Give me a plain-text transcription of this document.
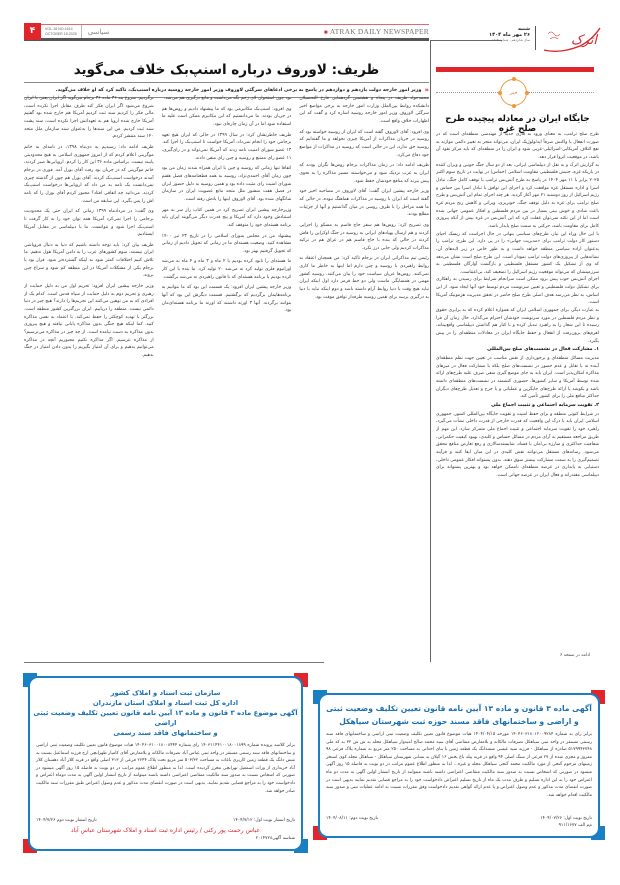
۴	VOL.16 NO.1614
OCTOBER 18.2025	سیاسی	■ ATRAK DAILY NEWSPAPER
اترک
شنبه
۲۶ مهر ماه ۱۴۰۴
سال شانزدهم - شماره ۱۶۱۴
ظریف: لاوروف درباره اسنپ‌بک خلاف می‌گوید
«
وزیر امور خارجه دولت یازدهم و دوازدهم در پاسخ به برخی ادعاهای سرگئی لاوروف وزیر امور خارجه روسیه درباره اسنپ‌بک، تاکید کرد که او خلاف می‌گوید.

محمدجواد ظریف در پنجاه و هشتمین گردهمایی فارغ التحصیلان دانشکده روابط بین‌الملل وزارت امور خارجه به برخی مواضع اخیر سرگئی لاوروف وزیر امور خارجه روسیه اشاره کرد و گفت که این اظهارات خلاف واقع است.

وی افزود: آقای لاوروف گفته است که ایران از روسیه خواسته بود که روسیه در جریان مذاکرات از آمریکا چیزی نخواهد و ما گفته‌ایم که روسیه حق ندارد، این در حالی است که روسیه در مذاکرات از مواضع خود دفاع می‌کرد.

ظریف ادامه داد: در زمان مذاکرات برجام روس‌ها نگران بودند که ایران به غرب نزدیک شود و می‌خواستند مسیر مذاکره را به نحوی پیش ببرند که منافع خودشان حفظ شود.

وزیر خارجه پیشین ایران گفت: آقای لاوروف در مصاحبه اخیر خود گفته است که ایران با روسیه در مذاکرات هماهنگ نبوده، در حالی که ما همه مراحل را با طرف روسی در میان گذاشتیم و آنها از جزئیات مطلع بودند.

وی تصریح کرد: روس‌ها هم سفر حاج قاسم به مسکو را اجرایی کردند و هم ارسال پهپادهای ایرانی به روسیه در جنگ اوکراین را فاش کردند در حالی که بنده با حاج قاسم هم در عراق هم در ترکیه مذاکرات کردیم ولی جایی درز نکرد.

رئیس تیم مذاکراتی ایران در برجام تاکید کرد: من همچنان اعتقاد به روابط راهبردی با روسیه و چین دارم اما اینها به خاطر ما کاری نمی‌کنند. روس‌ها عریان سیاست خود را بیان می‌کنند. روسیه کشور مهمی در همسایگی ماست ولی دو خط قرمز دارد اول اینکه ایران نباید هیچ وقت با دنیا روابط آرام داشته باشد و دوم اینکه نباید با دنیا به درگیری برسد برای همین روسیه طرفدار توافق موقت بود.

بود چون استخوان لای زخم نگه می‌داشت و مانع درگیری هم می‌شد.

وی افزود: اسنپ‌بک مکانیزمی بود که ما پیشنهاد دادیم و روس‌ها هم در جریان بودند. ما می‌دانستیم که این مکانیزم ممکن است علیه ما استفاده شود اما در آن زمان چاره‌ای نبود.

ظریف خاطرنشان کرد: در سال ۱۳۹۹ در حالی که ایران هیچ تعهد برجامی خود را انجام نمی‌داد، آمریکا خواست تا اسنپ‌بک را اجرا کند. ۱۳ عضو شورای امنیت نامه زدند که آمریکا نمی‌تواند و در رای‌گیری، ۱۱ عضو رای ممتنع و روسیه و چین رای منفی دادند.

اتفاقا تنها زمانی که روسیه و چین با ایران همراه شدند زمان من بود چون زمان آقای احمدی‌نژاد، روسیه به همه قطعنامه‌های فصل هفتم شورای امنیت رای مثبت داده بود و همین روسیه به دلیل حضور ایران در فصل هفت منشور ملل متحد مانع عضویت ایران در سازمان شانگهای شده بود. آقای لاوروف اینها را یادش رفته است.

وزیرخارجه پیشین ایران تصریح کرد در همین کتاب راز سر به مهر استنادش وجود دارد که آمریکا و پنج قدرت دیگر می‌گویند ایران باید برنامه هسته‌ای خود را متوقف کند.

پیشنهاد من در مجلس شورای اسلامی را در تاریخ ۲۳ تیر ۱۴۰۰ مشاهده کنید. وضعیت هسته‌ای ما در زمانی که تحویل دادیم از زمانی که تحویل گرفتیم بهتر بود.

ما هسته‌ای را نابود کرده بودیم یا ۲ ماه و ۳ ماه و ۴ ماه نه می‌شد اورانیوم فلزی تولید کرد نه می‌شد ۲۰ تولید کرد. ما بنده با این کار کرده بودیم با برنامه هسته‌ای که با قانون راهبردی نه می‌شد برگشت.

وزیر خارجه پیشین ایران افزود: یک قسمت این بود که ما بتوانیم به برنامه‌هایمان برگردیم که برگشتیم. قسمت دیگرش این بود که آنها بتوانند برگردند. آنها ۳ اورنه داشتند که اورنه ما برنامه هسته‌ای‌مان بود.

برگردیم. شروع بند ۳۶ ماده ۳۶ برجام می‌گوید اگر ایران یعنی با ایران شروع می‌شود اگر ایران فکر کند طرف مقابل اجرا نکرده است، مالی فکر را کردیم سند ثبت کردیم آمریکا هم خارج شده بود گفتیم آمریکا خارج شده اروپا هم به تعهداتش اجرا نکرده است، سند پشت سند ثبت کردیم. من این سندها را به‌عنوان سند سازمان ملل متحد ۱۴۰ سند منتشر کردم.

ظریف ادامه داد: رسیدیم به دی‌ماه ۱۳۹۸، در نامه‌ای به خانم موگرینی اعلام کردم که از امروز جمهوری اسلامی به هیچ محدودیتی پایبند نیست. براساس ماده ۳۶ این کار را کردم. اروپایی‌ها صبر کردند، خانم موگرینی که در جریان بود رفت آقای بورل آمد. فوری در برجام آمدند درخواست اسنپ‌بک کردند. آقای بورل هم چون از گذشته چیزی نمی‌دانست یک نامه به من داد که اروپایی‌ها درخواست اسنپ‌بک کردند. می‌دانید چه اتفاقی افتاد؟ مجبور کردم آقای بورل را که نامه اش را پس بگیرد. این سابقه من است.

وی گفت: در مردادماه ۱۳۹۹ زمانی که ایران حتی یک محدودیت برجامی را اجرا نمی‌کرد آمریکا همه توان خود را به کار گرفت تا اسنپ‌بک اجرا شود و نتوانست. ما با دیپلماسی در مقابل آمریکا ایستادیم.

ظریف بیان کرد: باید توجه داشته باشیم که دنیا به دنبال فروپاشی ایران نیستند، سوم کشورهای عرب را به دامن آمریکا هول ندهیم. ما تلاش کنیم اختلافات کمتر شود به اینکه گسترده‌تر شود. قرار بود با برجام یکی از مشکلات آمریکا در این منطقه کم شود و سراغ چین بروند.

وزیر خارجه پیشین ایران افزود: تحریم اول من به دلیل حمایت از رهبری و تحریم دوم به دلیل حمایت از سپاه قدس است. کدام یک از افرادی که به من توهین می‌کنند این تحریم‌ها را دارند؟ هیچ چیز در دنیا دائمی نیست. منطقه را دریابیم. ایران بزرگترین کشور منطقه است. بزرگتر با تهدید کوچکتر را حفظ نمی‌کند. با اعتماد به نفس مذاکره کنید. کما اینکه هیچ جنگی بدون مذاکره پایانی نیافته و هیچ پیروزی بدون مذاکره به دست نیامده است. از چه چیز در مذاکره می‌ترسیم؟ از مذاکره نترسیم. اگر مذاکره نکنیم مجبوریم آنچه در مذاکره می‌توانیم بدهیم و برای آن امتیاز بگیریم را بدون دادن امتیاز در جنگ بدهیم.

خبر
جایگاه ایران در معادله پیچیده طرح صلح غزه

طرح صلح ترامپ، به معنای ورود به فازی جدید از مهندسی منطقه‌ای است که در صورت انفعال یا واکنش صرفاً ایدئولوژیک ایران، می‌تواند منجر به تغییر دائمی موازنه به نفع ائتلاف آمریکایی-اسرائیلی-عربی شود و ایران را در منطقه‌ای که باید مرکز نفوذ آن باشد، در موقعیت انزوا قرار دهد.

به گزارش اترک و به نقل از دیپلماسی ایرانی، بعد از دو سال جنگ خونین و ویران کننده در باریکه غزه، جنبش فلسطینی مقاومت اسلامی (حماس) در نهایت در تاریخ سوم اکتبر ۲۰۲۵ برابر با ۱۱ مهر ۱۴۰۴ در پاسخ به طرح آتش‌بس ترامپ با توقف کامل جنگ، تبادل اسرا و اداره مستقل غزه موافقت کرد و اجرای این توافق با تبادل اسرا بین حماس و رژیم اسرائیل از روز دوشنبه ۲۱ مهر آغاز گردید. هر چند اجرای تمام این آتش‌بس و طرح صلح ترامپ برای غزه به دلیل توقف جنگ، خونریزی، ویرانی و کاهش رنج مردم غزه باعث شادی و خوش بینی بسیار در بین مردم فلسطین و افکار عمومی جهانی شده است اما از این نکته نمی‌توان غفلت کرد که این آتش‌بس در غزه بیش از آنکه پیروزی کامل برای مقاومت باشد، حرکتی به سمت صلح پایدار باشد.

با این حال وراء این نیاز، طرح‌های سیاسی پنهانی در حال اجراست که ریسک احیای دستور کار دولت ترامپ برای «مدیریت جهانی» را در پی دارد. این طرح، ترامپ را به‌عنوان اراده سیاسی منطقه خواهد داشت و به طور خاص در زیر لایه‌های آن، نشانه‌هایی از پیروزی‌های دولت ترامپ نمودار است. این طرح صلح است نشان می‌دهد که وی از تشکیل یک کشور مستقل فلسطینی و بازگشت آوارگان فلسطینی به سرزمینشان که می‌تواند موقعیت رژیم اسرائیل را تضعیف کند، بی‌اعتناست.

اجرای آتش‌بس حوب پیش برود ممکن است سرانجام شرایط برای رسیدن به راهکاری برای تشکیل دولت فلسطینی و تعیین سرنوشت مردم توسط خود آنها ایجاد شود. از این اساس، به نظر می‌رسد هدف اصلی طرح صلح حاضر در تحقق مدیریت هژمونیک آمریکا است.

به عبارت دیگر، برای جمهوری اسلامی ایران که همواره اعلام کرده که به برابری حقوق و نظر مردم فلسطین در مورد سرنوشت خودشان احترام می‌گذارد، حال زمان آن فرا رسیده تا این شعار را به راهبرد تبدیل کرده و با کنار هم گذاشتن دیپلماسی واقع‌بینانه، اهرم‌های برون‌رفت از انفعال و حفظ جایگاه ایران در معادلات منطقه‌ای را در پیش بگیرد.

۱. مشارکت فعال در نشست‌های صلح بین‌المللی

مدیریت مسائل منطقه‌ای و برخورداری از نقش مناسب در تعیین جهت نظم منطقه‌ای آینده نه با تقابل و عدم حضور در نشست‌های صلح بلکه با مشارکت فعال در میزهای مذاکره امکان‌پذیر است. ایران باید به جای موضع گیری منفی صرف علیه طرح‌های ارائه شده توسط آمریکا و سایر کشورها، حضوری کنشمند در نشست‌های منطقه‌ای داشته باشد و بکوشد با ارائه طرح‌های جایگزین و عملیاتی و یا جرح و تعدیل طرح‌های دیگران حداکثر منافع ملی را برای کشور تأمین کند.

۲. تقویت سرمایه اجتماعی و تثبیت اجماع ملی

در شرایط کنونی منطقه و برای حفظ امنیت و تقویت جایگاه بین‌المللی کشور، جمهوری اسلامی ایران باید با درک این واقعیت که قدرت خارجی از قدرت داخلی نشأت می‌گیرد، راهبرد خود را تقویت سرمایه اجتماعی و تثبیت اجماع ملی متمرکز سازد. این مهم از طریق مراجعه مستقیم به آرای مردم در مسائل حساس و کلیدی، بهبود کیفیت حکمرانی، شفافیت حداکثری و مبارزه بی‌امان با فساد، شایسته‌سالاری و رفع تعارض منافع محقق می‌شود. رسانه‌های مستقل می‌توانند نقش کلیدی در این میان ایفا کنند و فرآیند تصمیم‌گیری را به سمت مشارکت بیشتر سوق دهند. بدون پشتوانه افکار عمومی داخلی، دستیابی به پایداری در عرصه منطقه‌ای ناممکن خواهد بود و بهترین پشتوانه برای دیپلماسی مقتدرانه و فعال ایران در عرصه جهانی است.

ادامه در صفحه ۶
سازمان ثبت اسناد و املاک کشور
اداره کل ثبت اسناد و املاک استان مازندران
آگهی موضوع ماده ۳ قانون و ماده ۱۳ آیین نامه قانون تعیین تکلیف وضعیت ثبتی اراضی
و ساختمانهای فاقد سند رسمی
برابر کلاسه پرونده شماره ۱۴۰۳۱۱۴۴۱۰۰۱۸۰۰۱۸۹۹ رای شماره ۱۴۰۴۶۰۳۱۰۰۱۸۰۰۸۴۴۴ هیات موضوع قانون تعیین تکلیف وضعیت ثبتی اراضی و ساختمانهای فاقد سند رسمی مستقر در واحد ثبتی عباس آباد تصرفات مالکانه و بلامعارض آقای کامیار طهرانچی ارج فرزند اسماعیل نسبت به شش دانگ یک قطعه زمین کاربری باغات به مساحت ۵۰۳/۳۲ متر مربع تحت پلاک ۲۶۴۴ فرعی از ۳۱۳ اصلی واقع در قریه کلار آباد دهستان کلار آباد خریداری از وراث اسمعیل تهرانچی محرز گردیده است. لذا به منظور اطلاع عموم مراتب در دو نوبت به فاصله ۱۵ روز آگهی میشود در صورتی که اشخاص نسبت به صدور سند مالکیت متقاضی اعتراضی داشته باشند میتوانند از تاریخ انتشار اولین آگهی به مدت دوماه اعتراض و دادخواست خود را به مراجع قضایی تقدیم نمایند. بدیهی است در صورت انقضای مدت مذکور و عدم وصول اعتراض طبق مقررات سند مالکیت صادر خواهد شد.
تاریخ انتشار نوبت اول: ۱۴۰۴/۷/۱۲
تاریخ انتشار نوبت دوم ۱۴۰۴/۷/۲۶
عباس رحمت پور رکنی / رئیس اداره ثبت اسناد و املاک شهرستان عباس آباد
شناسه آگهی۲۰۱۴۷۲۸
آگهی ماده ۳ قانون و ماده ۱۳ آیین نامه قانون تعیین تکلیف وضعیت ثبتی
و اراضی و ساختمانهای فاقد مسند حوزه ثبت شهرستان سیاهکل
برابر رای به شماره ۱۴۰۴۶۰۳۱۸۰۱۲۰۰۹۲۸۴ مورخه ۱۴۰۴/۰۴/۱۵ هیات موضوع قانون تعیین تکلیف وضعیت ثبتی اراضی و ساختمانهای فاقد سند رسمی مستقر در واحد ثبتی سیاهکل تصرفات مالکانه و بلامعارض متقاضی آقای سید محمد صالح امیدوار سیاهکل محله به ش ش ۳۲ به کد ملی ۵۱۷۹۹۴۳۷۴۸ صادره از سیاهکل - فرزند سید عیسی ششدانگ یک قطعه زمین با بنای احداثی به مساحت ۲۵۰ متر مربع به شماره پلاک فرعی ۹۸ مفروز و مجزی شده از ۲۷ فرعی از سنگ اصلی ۹۴ واقع در قریه پیله باغ بخش ۱۶ گیلان به نشانی شهرستان سیاهکل - سیاهکل محله کوی استخر زمینهای مرحوم گنجی از مورد مالکیت محمد گنجی سیاهکل محله و غیره... لذا به منظور اطلاع عموم مراتب در دو نوبت به فاصله ۱۵ روز آگهی میشود در صورتی که اشخاص نسبت به صدور سند مالکیت متقاضی اعتراضی داشته باشند میتوانند از تاریخ انتشار اولین آگهی به مدت دو ماه اعتراض خود را به این اداره تسلیم و ظرف مدت یک ماه از تاریخ تسلیم اعتراض دادخواست خود را به مراجع قضایی تقدیم نمایند بدیهی است در صورت انقضای مدت مذکور و عدم وصول اعتراض و یا عدم ارائه گواهی تقدیم دادخواست وفق مقررات نسبت به ادامه عملیات ثبتی و صدور سند مالکیت اقدام خواهد شد.
تاریخ نوبت اول: ۱۴۰۴/۰۷/۲۶
تاریخ نوبت دوم: ۱۴۰۴/۰۸/۱۱
م‌م الف ۹۱۱/۱۶۷۷
